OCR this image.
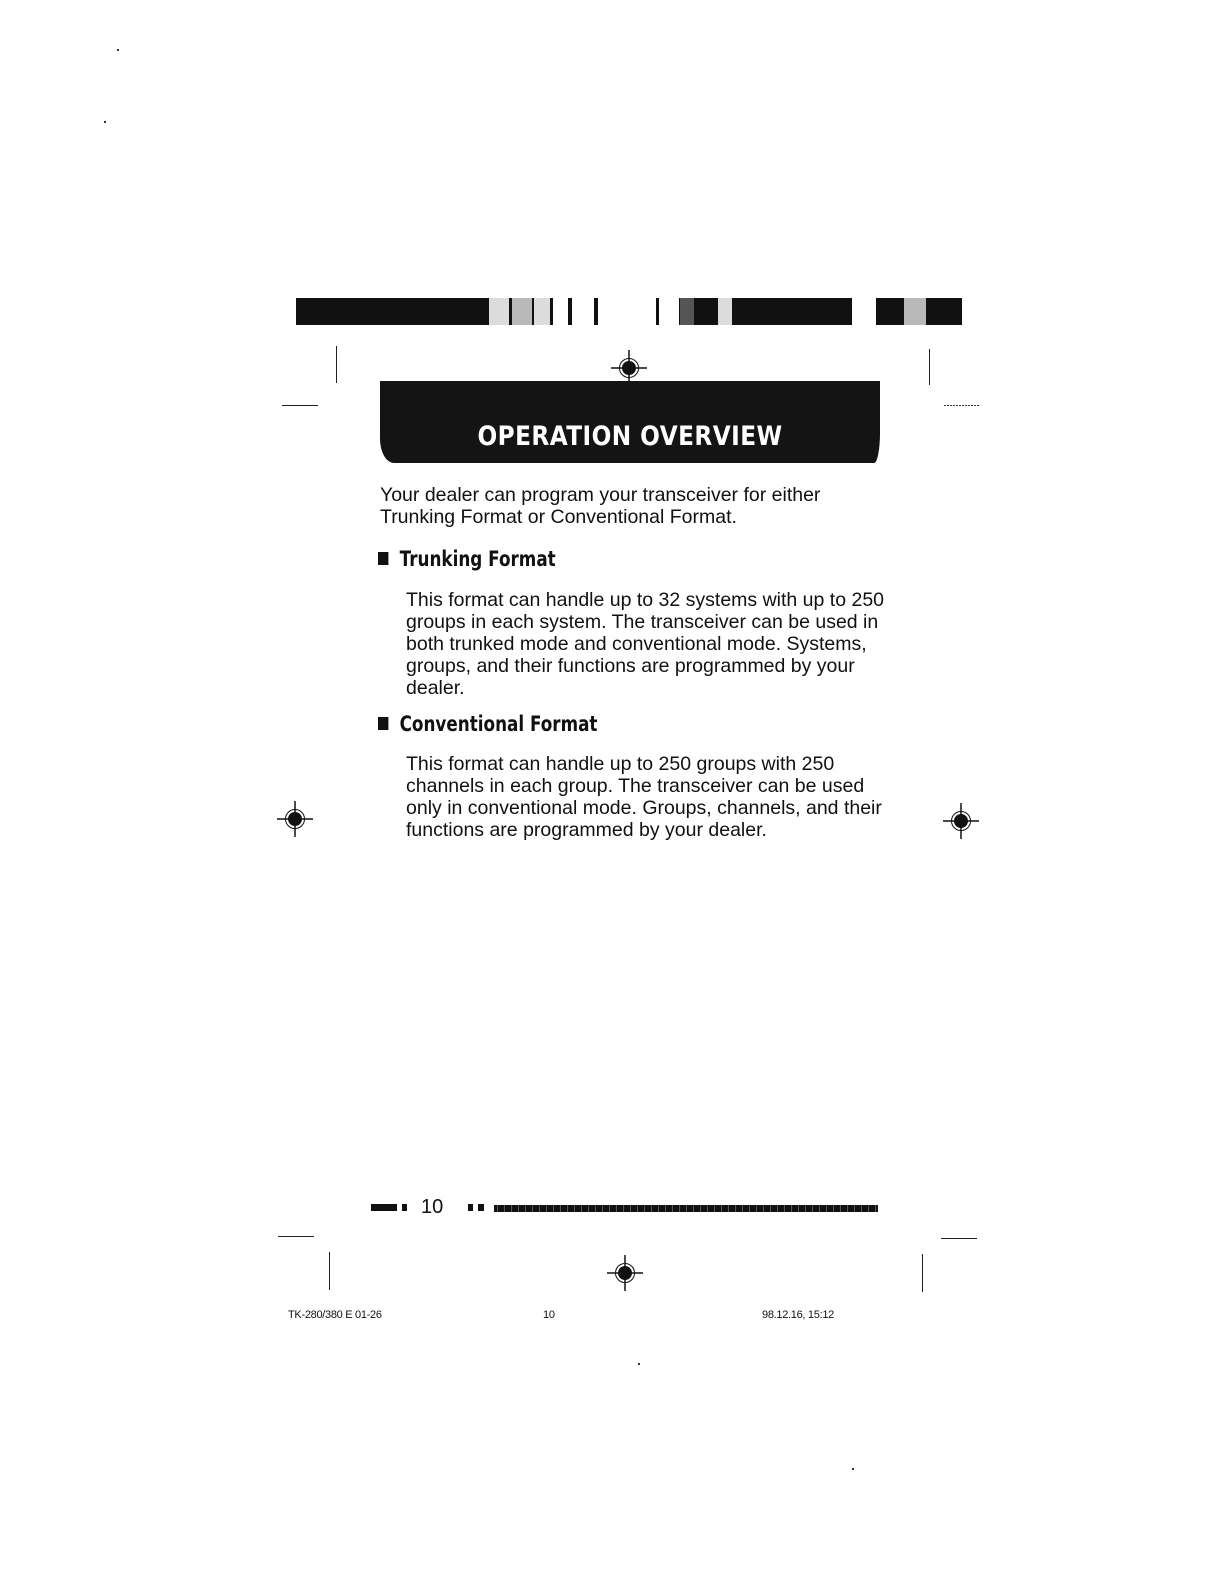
OPERATION OVERVIEW

Your dealer can program your transceiver for either Trunking Format or Conventional Format.

Trunking Format

This format can handle up to 32 systems with up to 250 groups in each system. The transceiver can be used in both trunked mode and conventional mode. Systems, groups, and their functions are programmed by your dealer.

Conventional Format

This format can handle up to 250 groups with 250 channels in each group. The transceiver can be used only in conventional mode. Groups, channels, and their functions are programmed by your dealer.

10
TK-280/380 E 01-26	10	98.12.16, 15:12
